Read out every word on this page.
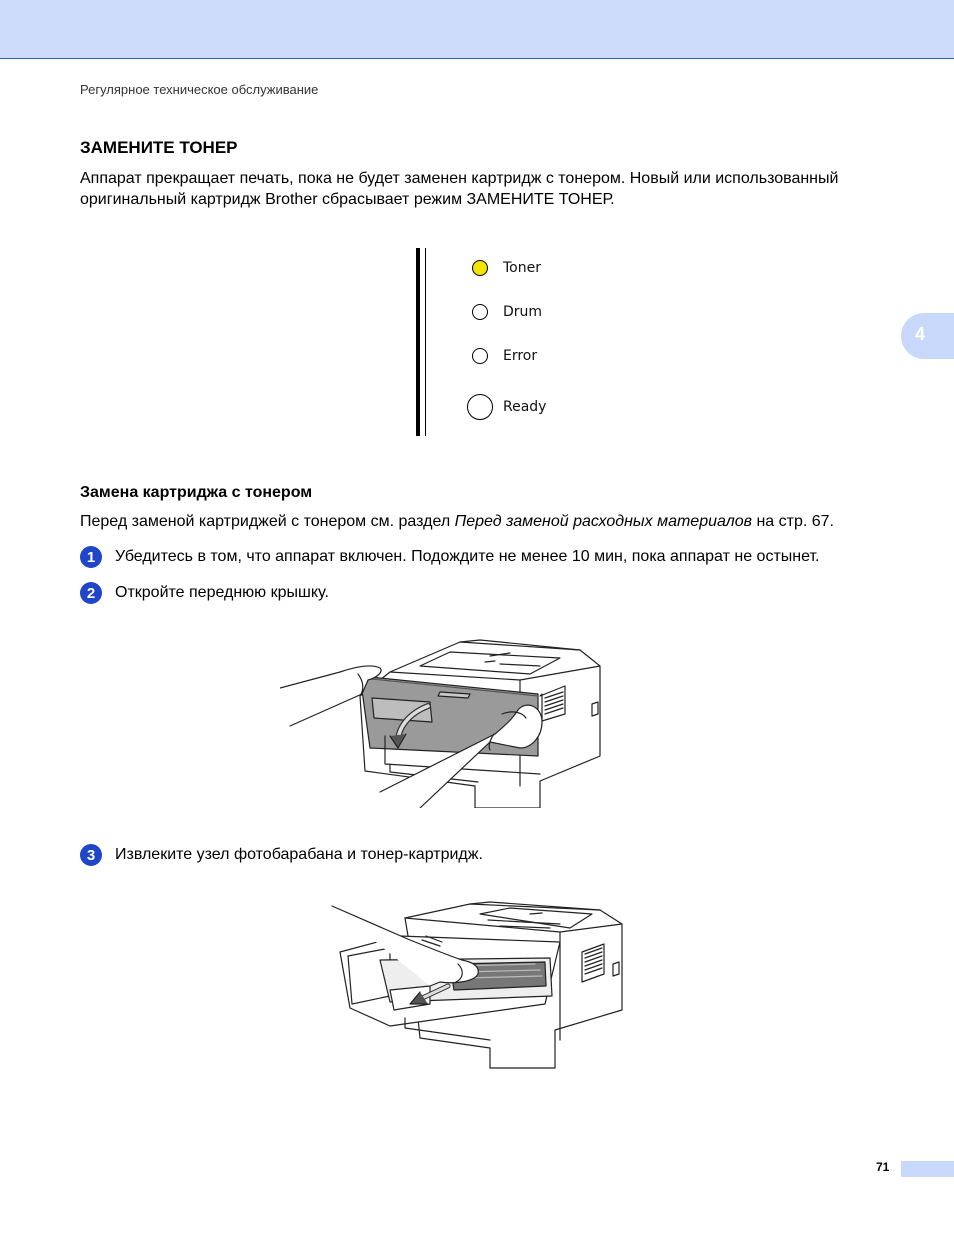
Регулярное техническое обслуживание
4
ЗАМЕНИТЕ ТОНЕР

Аппарат прекращает печать, пока не будет заменен картридж с тонером. Новый или использованный

оригинальный картридж Brother сбрасывает режим ЗАМЕНИТЕ ТОНЕР.

Toner
Drum
Error
Ready
Замена картриджа с тонером

Перед заменой картриджей с тонером см. раздел Перед заменой расходных материалов на стр. 67.

1	Убедитесь в том, что аппарат включен. Подождите не менее 10 мин, пока аппарат не остынет.
2	Откройте переднюю крышку.
3	Извлеките узел фотобарабана и тонер-картридж.
71
